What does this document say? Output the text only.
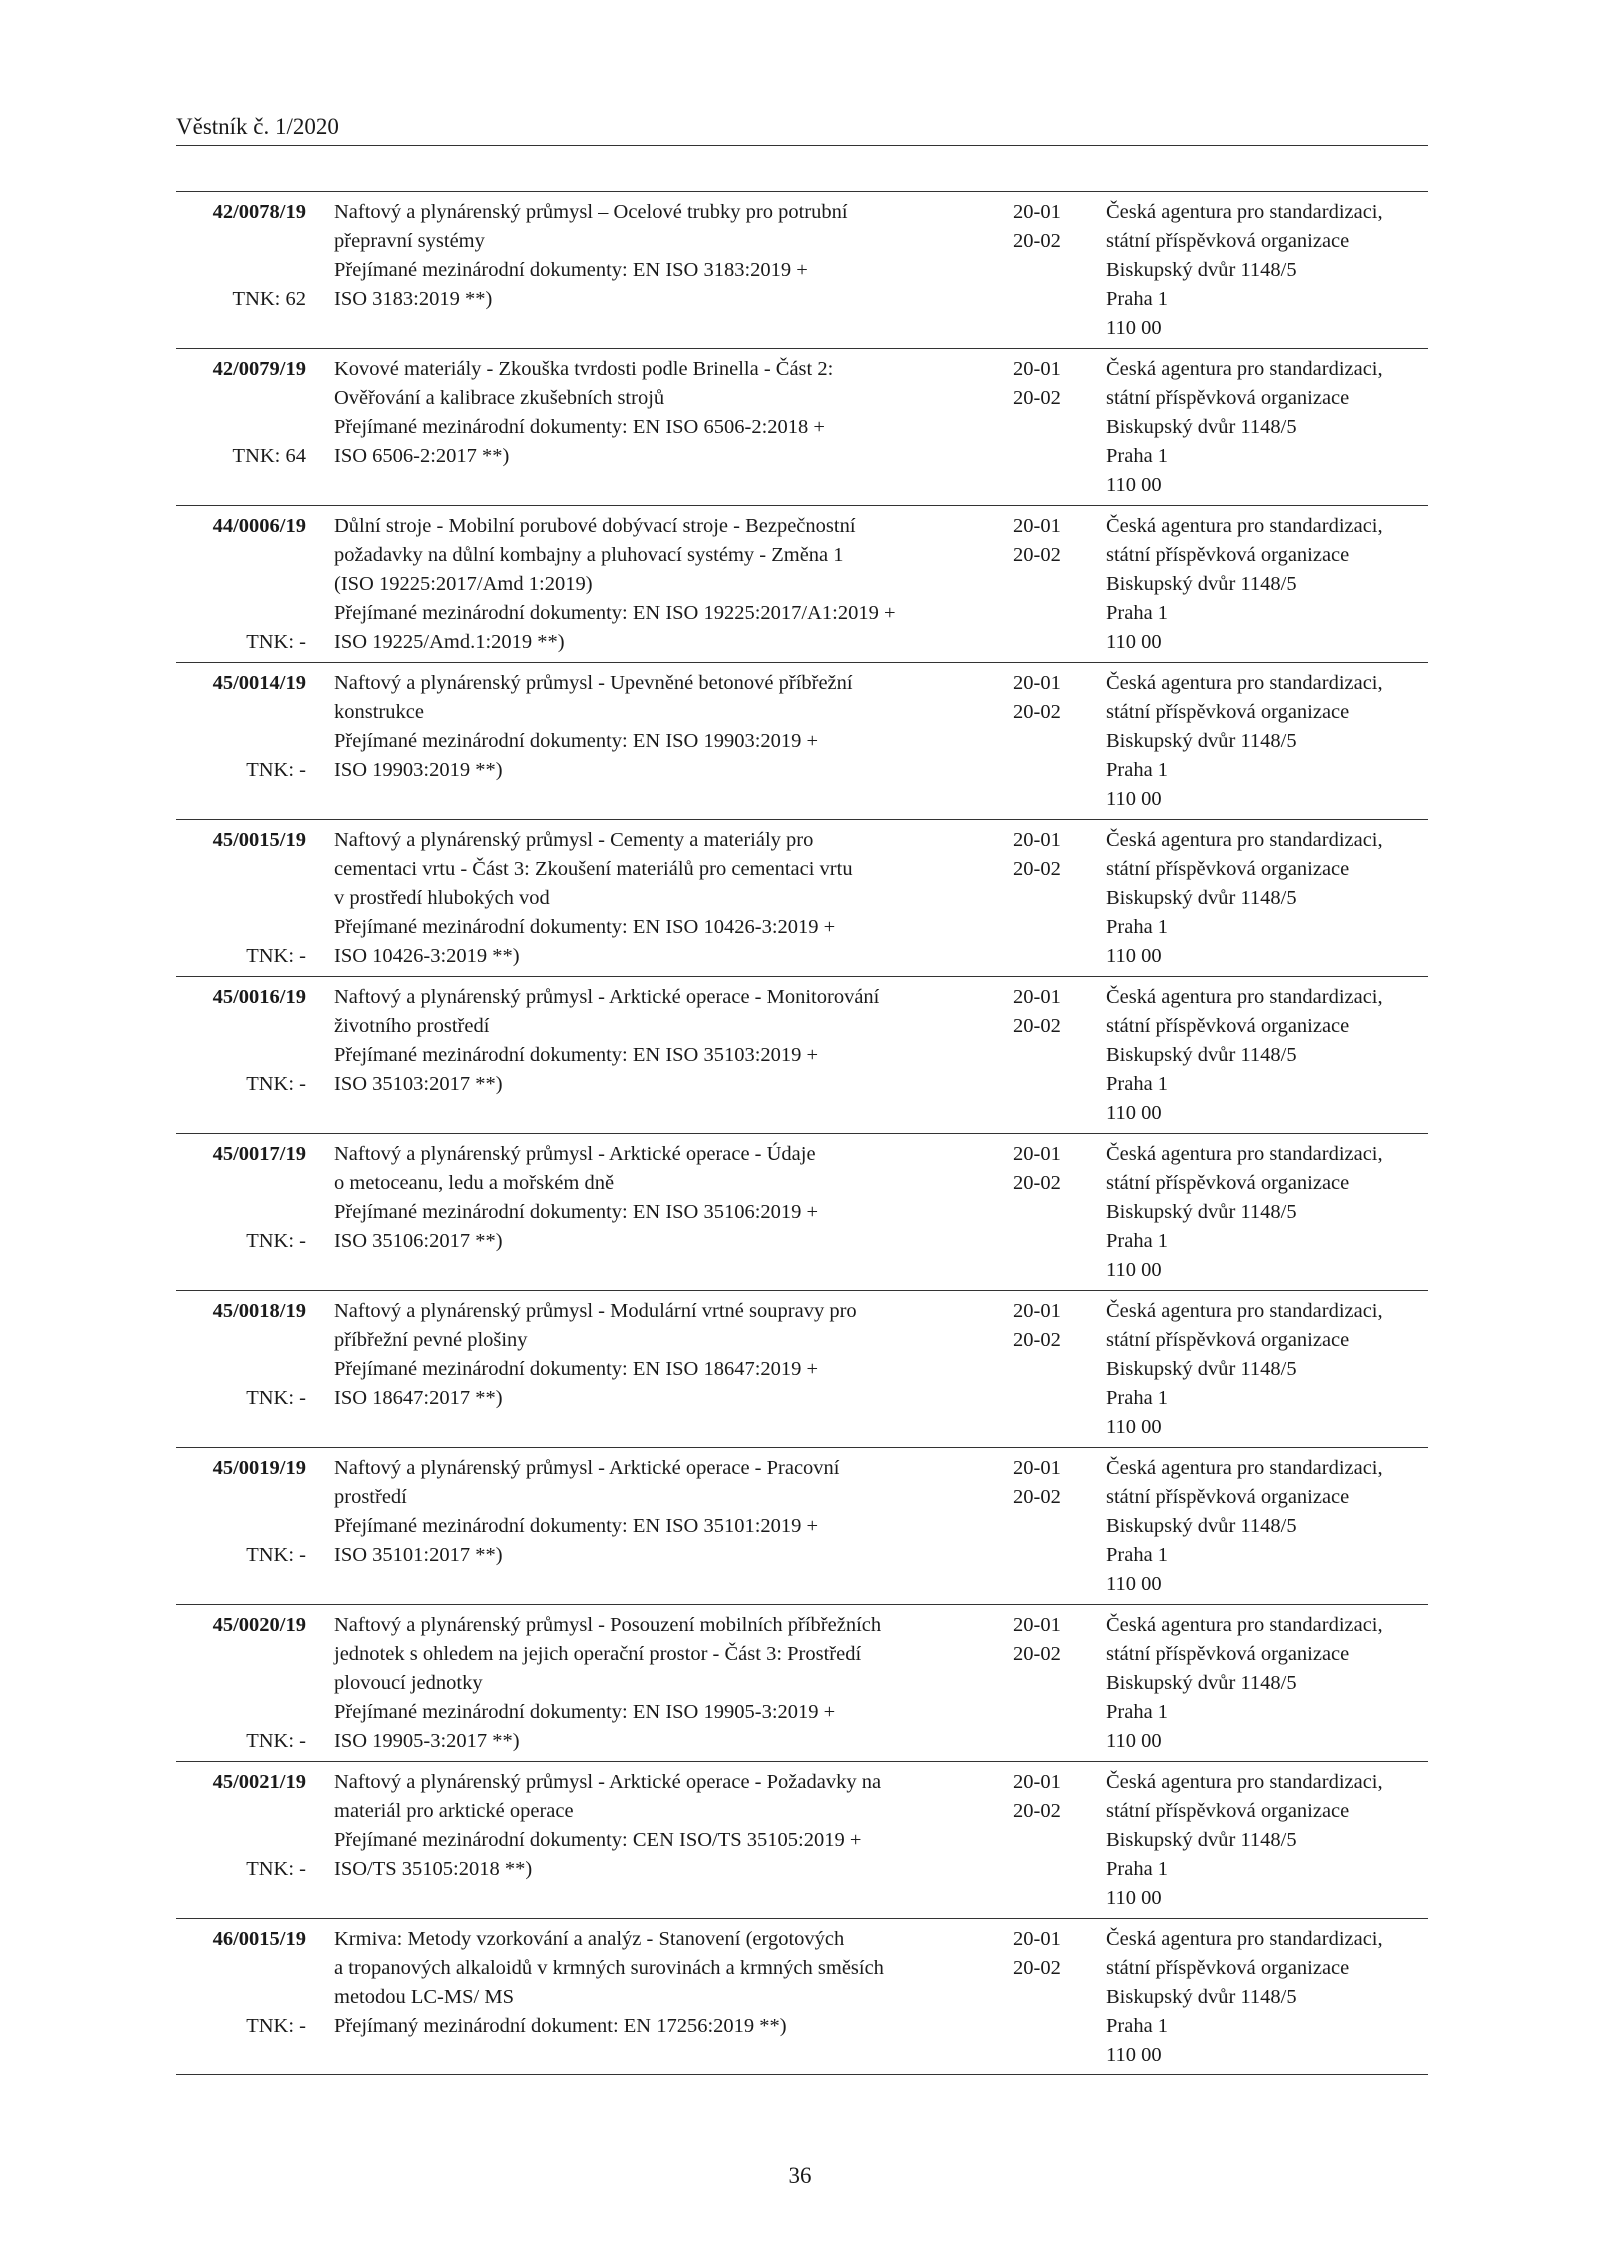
Věstník č. 1/2020
42/0078/19
TNK: 62
Naftový a plynárenský průmysl – Ocelové trubky pro potrubní
přepravní systémy
Přejímané mezinárodní dokumenty: EN ISO 3183:2019 +
ISO 3183:2019 **)
20-01
20-02
Česká agentura pro standardizaci,
státní příspěvková organizace
Biskupský dvůr 1148/5
Praha 1
110 00
42/0079/19
TNK: 64
Kovové materiály - Zkouška tvrdosti podle Brinella - Část 2:
Ověřování a kalibrace zkušebních strojů
Přejímané mezinárodní dokumenty: EN ISO 6506-2:2018 +
ISO 6506-2:2017 **)
20-01
20-02
Česká agentura pro standardizaci,
státní příspěvková organizace
Biskupský dvůr 1148/5
Praha 1
110 00
44/0006/19
TNK: -
Důlní stroje - Mobilní porubové dobývací stroje - Bezpečnostní
požadavky na důlní kombajny a pluhovací systémy - Změna 1
(ISO 19225:2017/Amd 1:2019)
Přejímané mezinárodní dokumenty: EN ISO 19225:2017/A1:2019 +
ISO 19225/Amd.1:2019 **)
20-01
20-02
Česká agentura pro standardizaci,
státní příspěvková organizace
Biskupský dvůr 1148/5
Praha 1
110 00
45/0014/19
TNK: -
Naftový a plynárenský průmysl - Upevněné betonové příbřežní
konstrukce
Přejímané mezinárodní dokumenty: EN ISO 19903:2019 +
ISO 19903:2019 **)
20-01
20-02
Česká agentura pro standardizaci,
státní příspěvková organizace
Biskupský dvůr 1148/5
Praha 1
110 00
45/0015/19
TNK: -
Naftový a plynárenský průmysl - Cementy a materiály pro
cementaci vrtu - Část 3: Zkoušení materiálů pro cementaci vrtu
v prostředí hlubokých vod
Přejímané mezinárodní dokumenty: EN ISO 10426-3:2019 +
ISO 10426-3:2019 **)
20-01
20-02
Česká agentura pro standardizaci,
státní příspěvková organizace
Biskupský dvůr 1148/5
Praha 1
110 00
45/0016/19
TNK: -
Naftový a plynárenský průmysl - Arktické operace - Monitorování
životního prostředí
Přejímané mezinárodní dokumenty: EN ISO 35103:2019 +
ISO 35103:2017 **)
20-01
20-02
Česká agentura pro standardizaci,
státní příspěvková organizace
Biskupský dvůr 1148/5
Praha 1
110 00
45/0017/19
TNK: -
Naftový a plynárenský průmysl - Arktické operace - Údaje
o metoceanu, ledu a mořském dně
Přejímané mezinárodní dokumenty: EN ISO 35106:2019 +
ISO 35106:2017 **)
20-01
20-02
Česká agentura pro standardizaci,
státní příspěvková organizace
Biskupský dvůr 1148/5
Praha 1
110 00
45/0018/19
TNK: -
Naftový a plynárenský průmysl - Modulární vrtné soupravy pro
příbřežní pevné plošiny
Přejímané mezinárodní dokumenty: EN ISO 18647:2019 +
ISO 18647:2017 **)
20-01
20-02
Česká agentura pro standardizaci,
státní příspěvková organizace
Biskupský dvůr 1148/5
Praha 1
110 00
45/0019/19
TNK: -
Naftový a plynárenský průmysl - Arktické operace - Pracovní
prostředí
Přejímané mezinárodní dokumenty: EN ISO 35101:2019 +
ISO 35101:2017 **)
20-01
20-02
Česká agentura pro standardizaci,
státní příspěvková organizace
Biskupský dvůr 1148/5
Praha 1
110 00
45/0020/19
TNK: -
Naftový a plynárenský průmysl - Posouzení mobilních příbřežních
jednotek s ohledem na jejich operační prostor - Část 3: Prostředí
plovoucí jednotky
Přejímané mezinárodní dokumenty: EN ISO 19905-3:2019 +
ISO 19905-3:2017 **)
20-01
20-02
Česká agentura pro standardizaci,
státní příspěvková organizace
Biskupský dvůr 1148/5
Praha 1
110 00
45/0021/19
TNK: -
Naftový a plynárenský průmysl - Arktické operace - Požadavky na
materiál pro arktické operace
Přejímané mezinárodní dokumenty: CEN ISO/TS 35105:2019 +
ISO/TS 35105:2018 **)
20-01
20-02
Česká agentura pro standardizaci,
státní příspěvková organizace
Biskupský dvůr 1148/5
Praha 1
110 00
46/0015/19
TNK: -
Krmiva: Metody vzorkování a analýz - Stanovení (ergotových
a tropanových alkaloidů v krmných surovinách a krmných směsích
metodou LC-MS/ MS
Přejímaný mezinárodní dokument: EN 17256:2019 **)
20-01
20-02
Česká agentura pro standardizaci,
státní příspěvková organizace
Biskupský dvůr 1148/5
Praha 1
110 00
36
